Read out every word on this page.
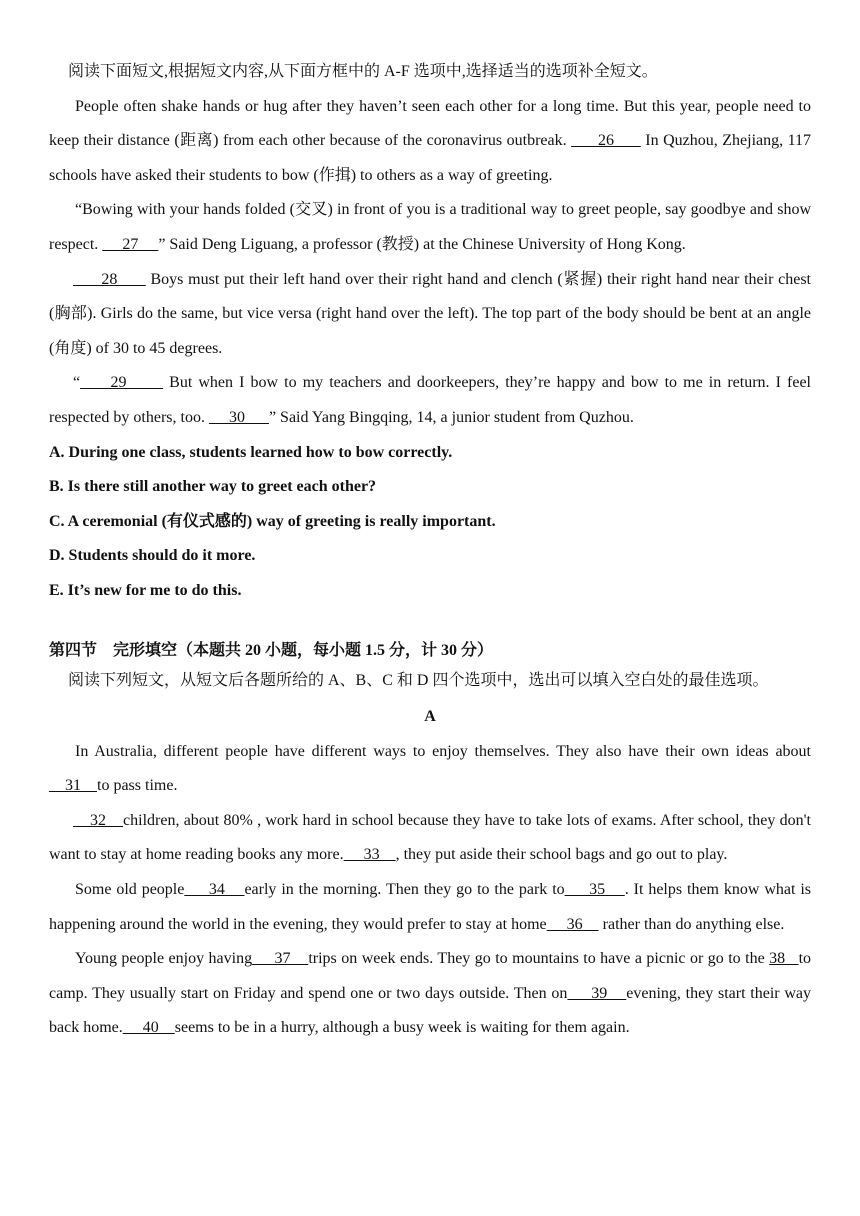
阅读下面短文,根据短文内容,从下面方框中的 A-F 选项中,选择适当的选项补全短文。

People often shake hands or hug after they haven’t seen each other for a long time. But this year, people need to keep their distance (距离) from each other because of the coronavirus outbreak.       26       In Quzhou, Zhejiang, 117 schools have asked their students to bow (作揖) to others as a way of greeting.

“Bowing with your hands folded (交叉) in front of you is a traditional way to greet people, say goodbye and show respect.      27     ” Said Deng Liguang, a professor (教授) at the Chinese University of Hong Kong.

28       Boys must put their left hand over their right hand and clench (紧握) their right hand near their chest (胸部). Girls do the same, but vice versa (right hand over the left). The top part of the body should be bent at an angle (角度) of 30 to 45 degrees.

“     29       But when I bow to my teachers and doorkeepers, they’re happy and bow to me in return. I feel respected by others, too.      30      ” Said Yang Bingqing, 14, a junior student from Quzhou.

A. During one class, students learned how to bow correctly.

B. Is there still another way to greet each other?

C. A ceremonial (有仪式感的) way of greeting is really important.

D. Students should do it more.

E. It’s new for me to do this.

第四节　完形填空（本题共 20 小题，每小题 1.5 分，计 30 分）

阅读下列短文，从短文后各题所给的 A、B、C 和 D 四个选项中，选出可以填入空白处的最佳选项。

A

In Australia, different people have different ways to enjoy themselves. They also have their own ideas about    31    to pass time.

32    children, about 80% , work hard in school because they have to take lots of exams. After school, they don't want to stay at home reading books any more.     33    , they put aside their school bags and go out to play.

Some old people     34    early in the morning. Then they go to the park to     35    . It helps them know what is happening around the world in the evening, they would prefer to stay at home     36     rather than do anything else.

Young people enjoy having     37    trips on week ends. They go to mountains to have a picnic or go to the 38   to camp. They usually start on Friday and spend one or two days outside. Then on     39    evening, they start their way back home.     40    seems to be in a hurry, although a busy week is waiting for them again.
